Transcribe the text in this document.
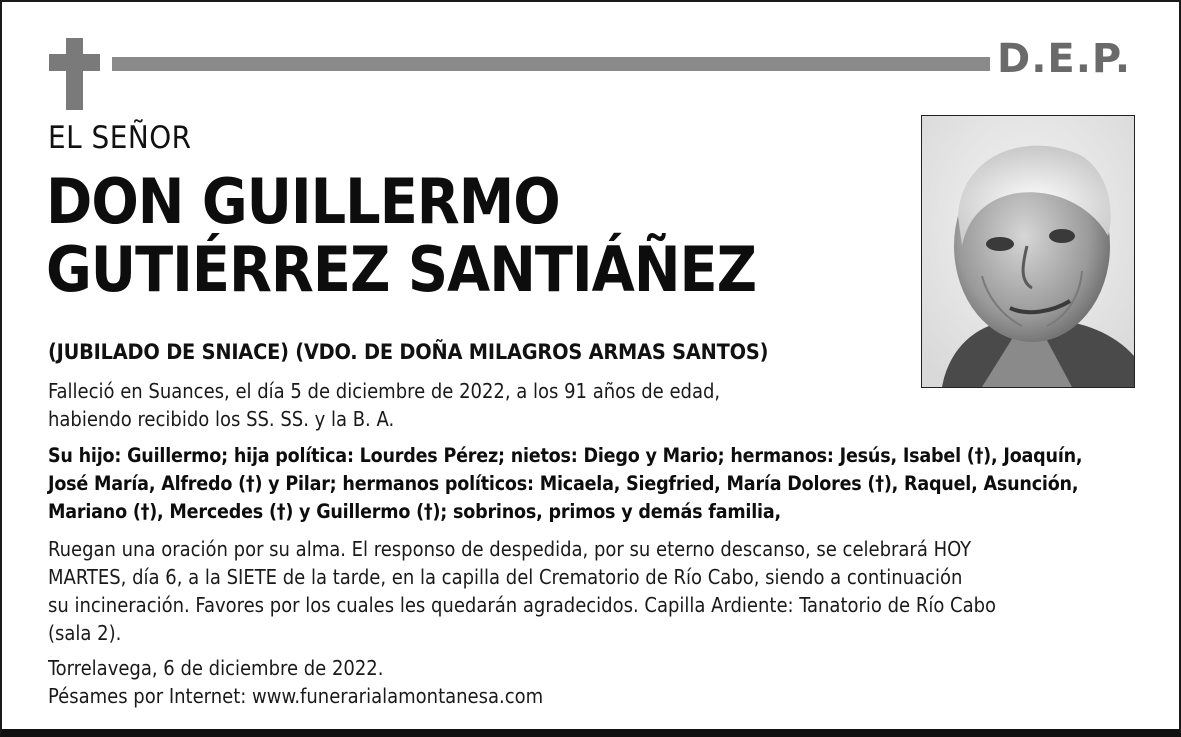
D.E.P.
EL SEÑOR
DON GUILLERMO
GUTIÉRREZ SANTIÁÑEZ
(JUBILADO DE SNIACE) (VDO. DE DOÑA MILAGROS ARMAS SANTOS)
Falleció en Suances, el día 5 de diciembre de 2022, a los 91 años de edad,
habiendo recibido los SS. SS. y la B. A.
Su hijo: Guillermo; hija política: Lourdes Pérez; nietos: Diego y Mario; hermanos: Jesús, Isabel (†), Joaquín,
José María, Alfredo (†) y Pilar; hermanos políticos: Micaela, Siegfried, María Dolores (†), Raquel, Asunción,
Mariano (†), Mercedes (†) y Guillermo (†); sobrinos, primos y demás familia,
Ruegan una oración por su alma. El responso de despedida, por su eterno descanso, se celebrará HOY
MARTES, día 6, a la SIETE de la tarde, en la capilla del Crematorio de Río Cabo, siendo a continuación
su incineración. Favores por los cuales les quedarán agradecidos. Capilla Ardiente: Tanatorio de Río Cabo
(sala 2).
Torrelavega, 6 de diciembre de 2022.
Pésames por Internet: www.funerarialamontanesa.com
